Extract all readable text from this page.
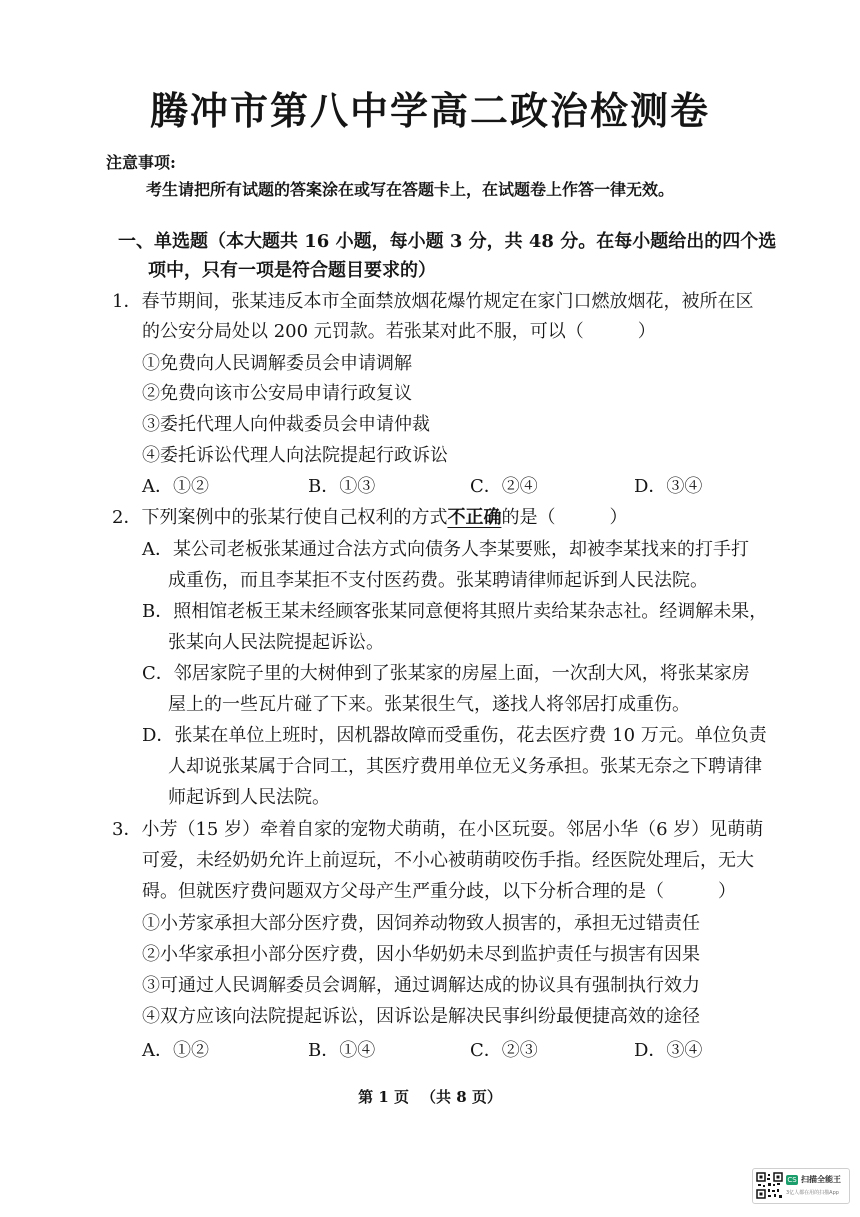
腾冲市第八中学高二政治检测卷
注意事项:
考生请把所有试题的答案涂在或写在答题卡上，在试题卷上作答一律无效。
一、单选题（本大题共 16 小题，每小题 3 分，共 48 分。在每小题给出的四个选
项中，只有一项是符合题目要求的）
1．春节期间，张某违反本市全面禁放烟花爆竹规定在家门口燃放烟花，被所在区
的公安分局处以 200 元罚款。若张某对此不服，可以（　　　）
①免费向人民调解委员会申请调解
②免费向该市公安局申请行政复议
③委托代理人向仲裁委员会申请仲裁
④委托诉讼代理人向法院提起行政诉讼
A．①②	B．①③	C．②④	D．③④
2．下列案例中的张某行使自己权利的方式不正确的是（　　　）
A．某公司老板张某通过合法方式向债务人李某要账，却被李某找来的打手打
成重伤，而且李某拒不支付医药费。张某聘请律师起诉到人民法院。
B．照相馆老板王某未经顾客张某同意便将其照片卖给某杂志社。经调解未果，
张某向人民法院提起诉讼。
C．邻居家院子里的大树伸到了张某家的房屋上面，一次刮大风，将张某家房
屋上的一些瓦片碰了下来。张某很生气，遂找人将邻居打成重伤。
D．张某在单位上班时，因机器故障而受重伤，花去医疗费 10 万元。单位负责
人却说张某属于合同工，其医疗费用单位无义务承担。张某无奈之下聘请律
师起诉到人民法院。
3．小芳（15 岁）牵着自家的宠物犬萌萌，在小区玩耍。邻居小华（6 岁）见萌萌
可爱，未经奶奶允许上前逗玩，不小心被萌萌咬伤手指。经医院处理后，无大
碍。但就医疗费问题双方父母产生严重分歧，以下分析合理的是（　　　）
①小芳家承担大部分医疗费，因饲养动物致人损害的，承担无过错责任
②小华家承担小部分医疗费，因小华奶奶未尽到监护责任与损害有因果
③可通过人民调解委员会调解，通过调解达成的协议具有强制执行效力
④双方应该向法院提起诉讼，因诉讼是解决民事纠纷最便捷高效的途径
A．①②	B．①④	C．②③	D．③④
第 1 页 （共 8 页）
CS 扫描全能王
3亿人都在用的扫描App
